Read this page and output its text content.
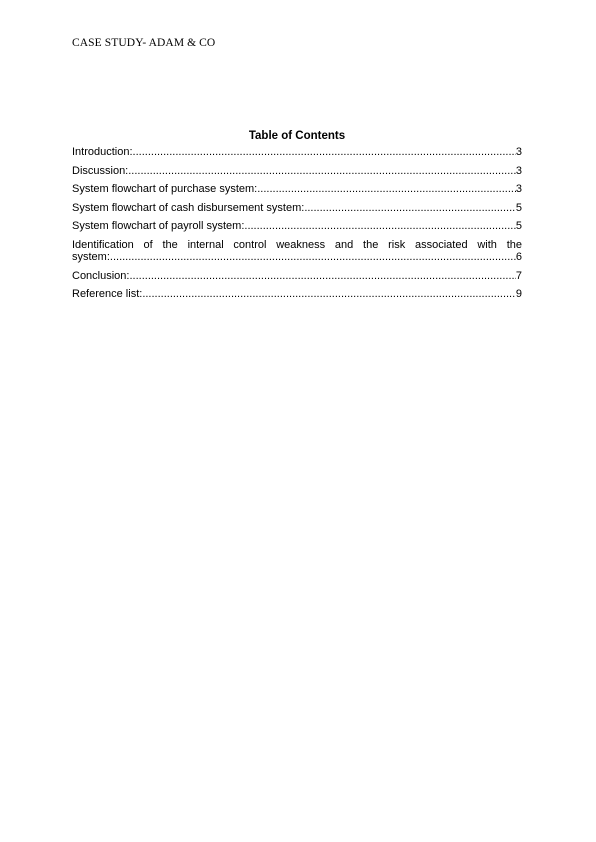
CASE STUDY- ADAM & CO
Table of Contents
Introduction: .....	3
Discussion: .....	3
System flowchart of purchase system: .....	3
System flowchart of cash disbursement system: .....	5
System flowchart of payroll system: .....	5
Identification of the internal control weakness and the risk associated with the
system: .....	6
Conclusion: .....	7
Reference list: .....	9
